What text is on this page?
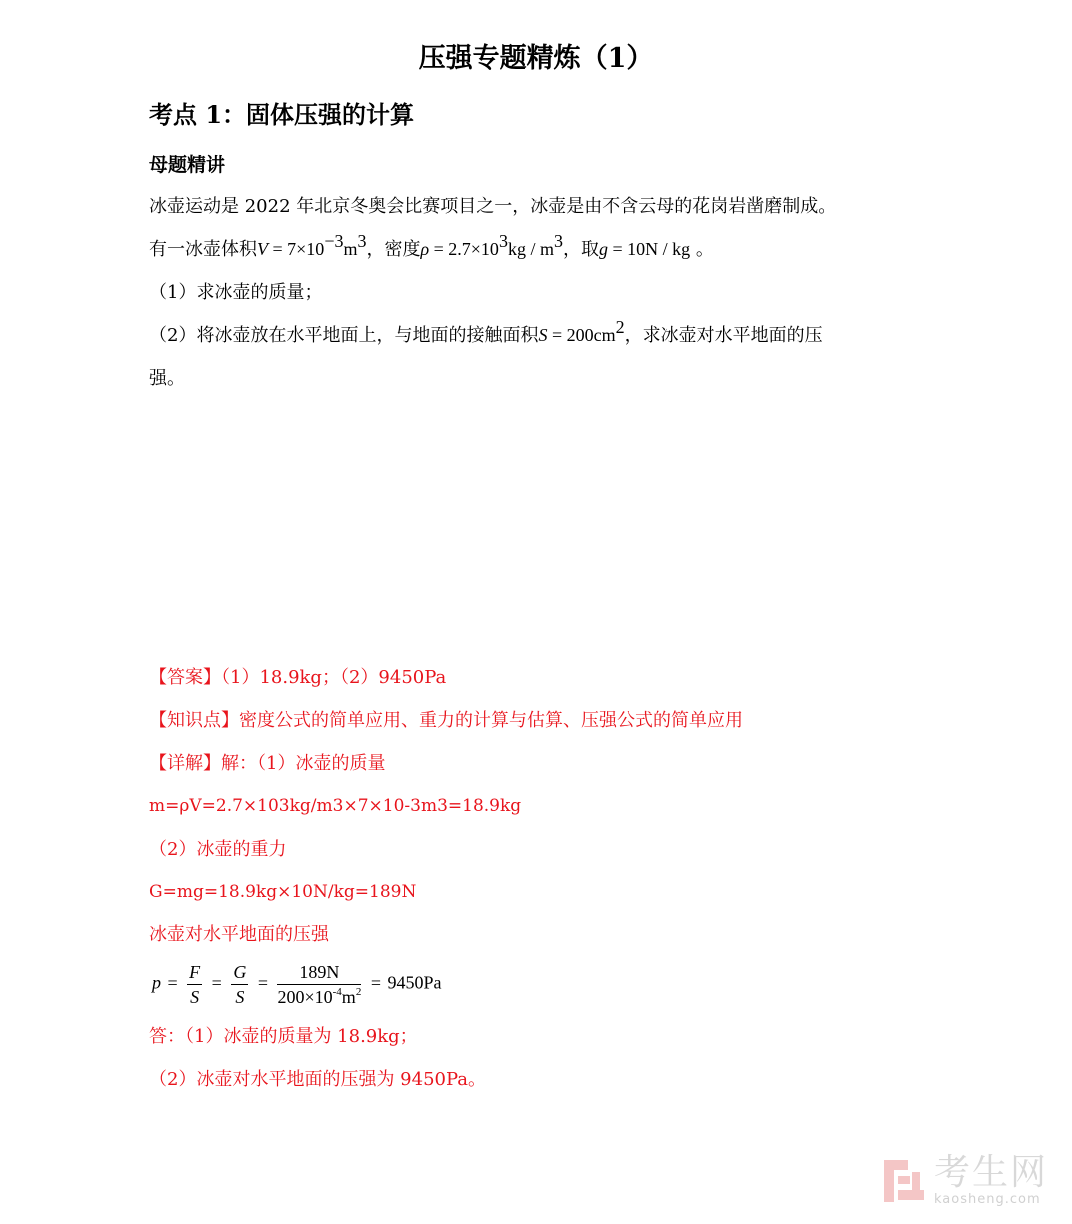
压强专题精炼（1）
考点 1：固体压强的计算
母题精讲
冰壶运动是 2022 年北京冬奥会比赛项目之一，冰壶是由不含云母的花岗岩凿磨制成。
有一冰壶体积$V = 7\times 10^{-3}m^3$，密度$\rho = 2.7\times 10^3kg / m^3$，取g = 10N / kg 。
（1）求冰壶的质量；
（2）将冰壶放在水平地面上，与地面的接触面积$S = 200cm^2$，求冰壶对水平地面的压
强。
【答案】（1）18.9kg；（2）9450Pa
【知识点】密度公式的简单应用、重力的计算与估算、压强公式的简单应用
【详解】解：（1）冰壶的质量
m=ρV=2.7×103kg/m3×7×10-3m3=18.9kg
（2）冰壶的重力
G=mg=18.9kg×10N/kg=189N
冰壶对水平地面的压强
$p = \frac{F}{S} = \frac{G}{S} = \frac{189N}{200\times 10^{-4}m^2} = 9450Pa$
答：（1）冰壶的质量为 18.9kg；
（2）冰壶对水平地面的压强为 9450Pa。
考生网
kaosheng.com
